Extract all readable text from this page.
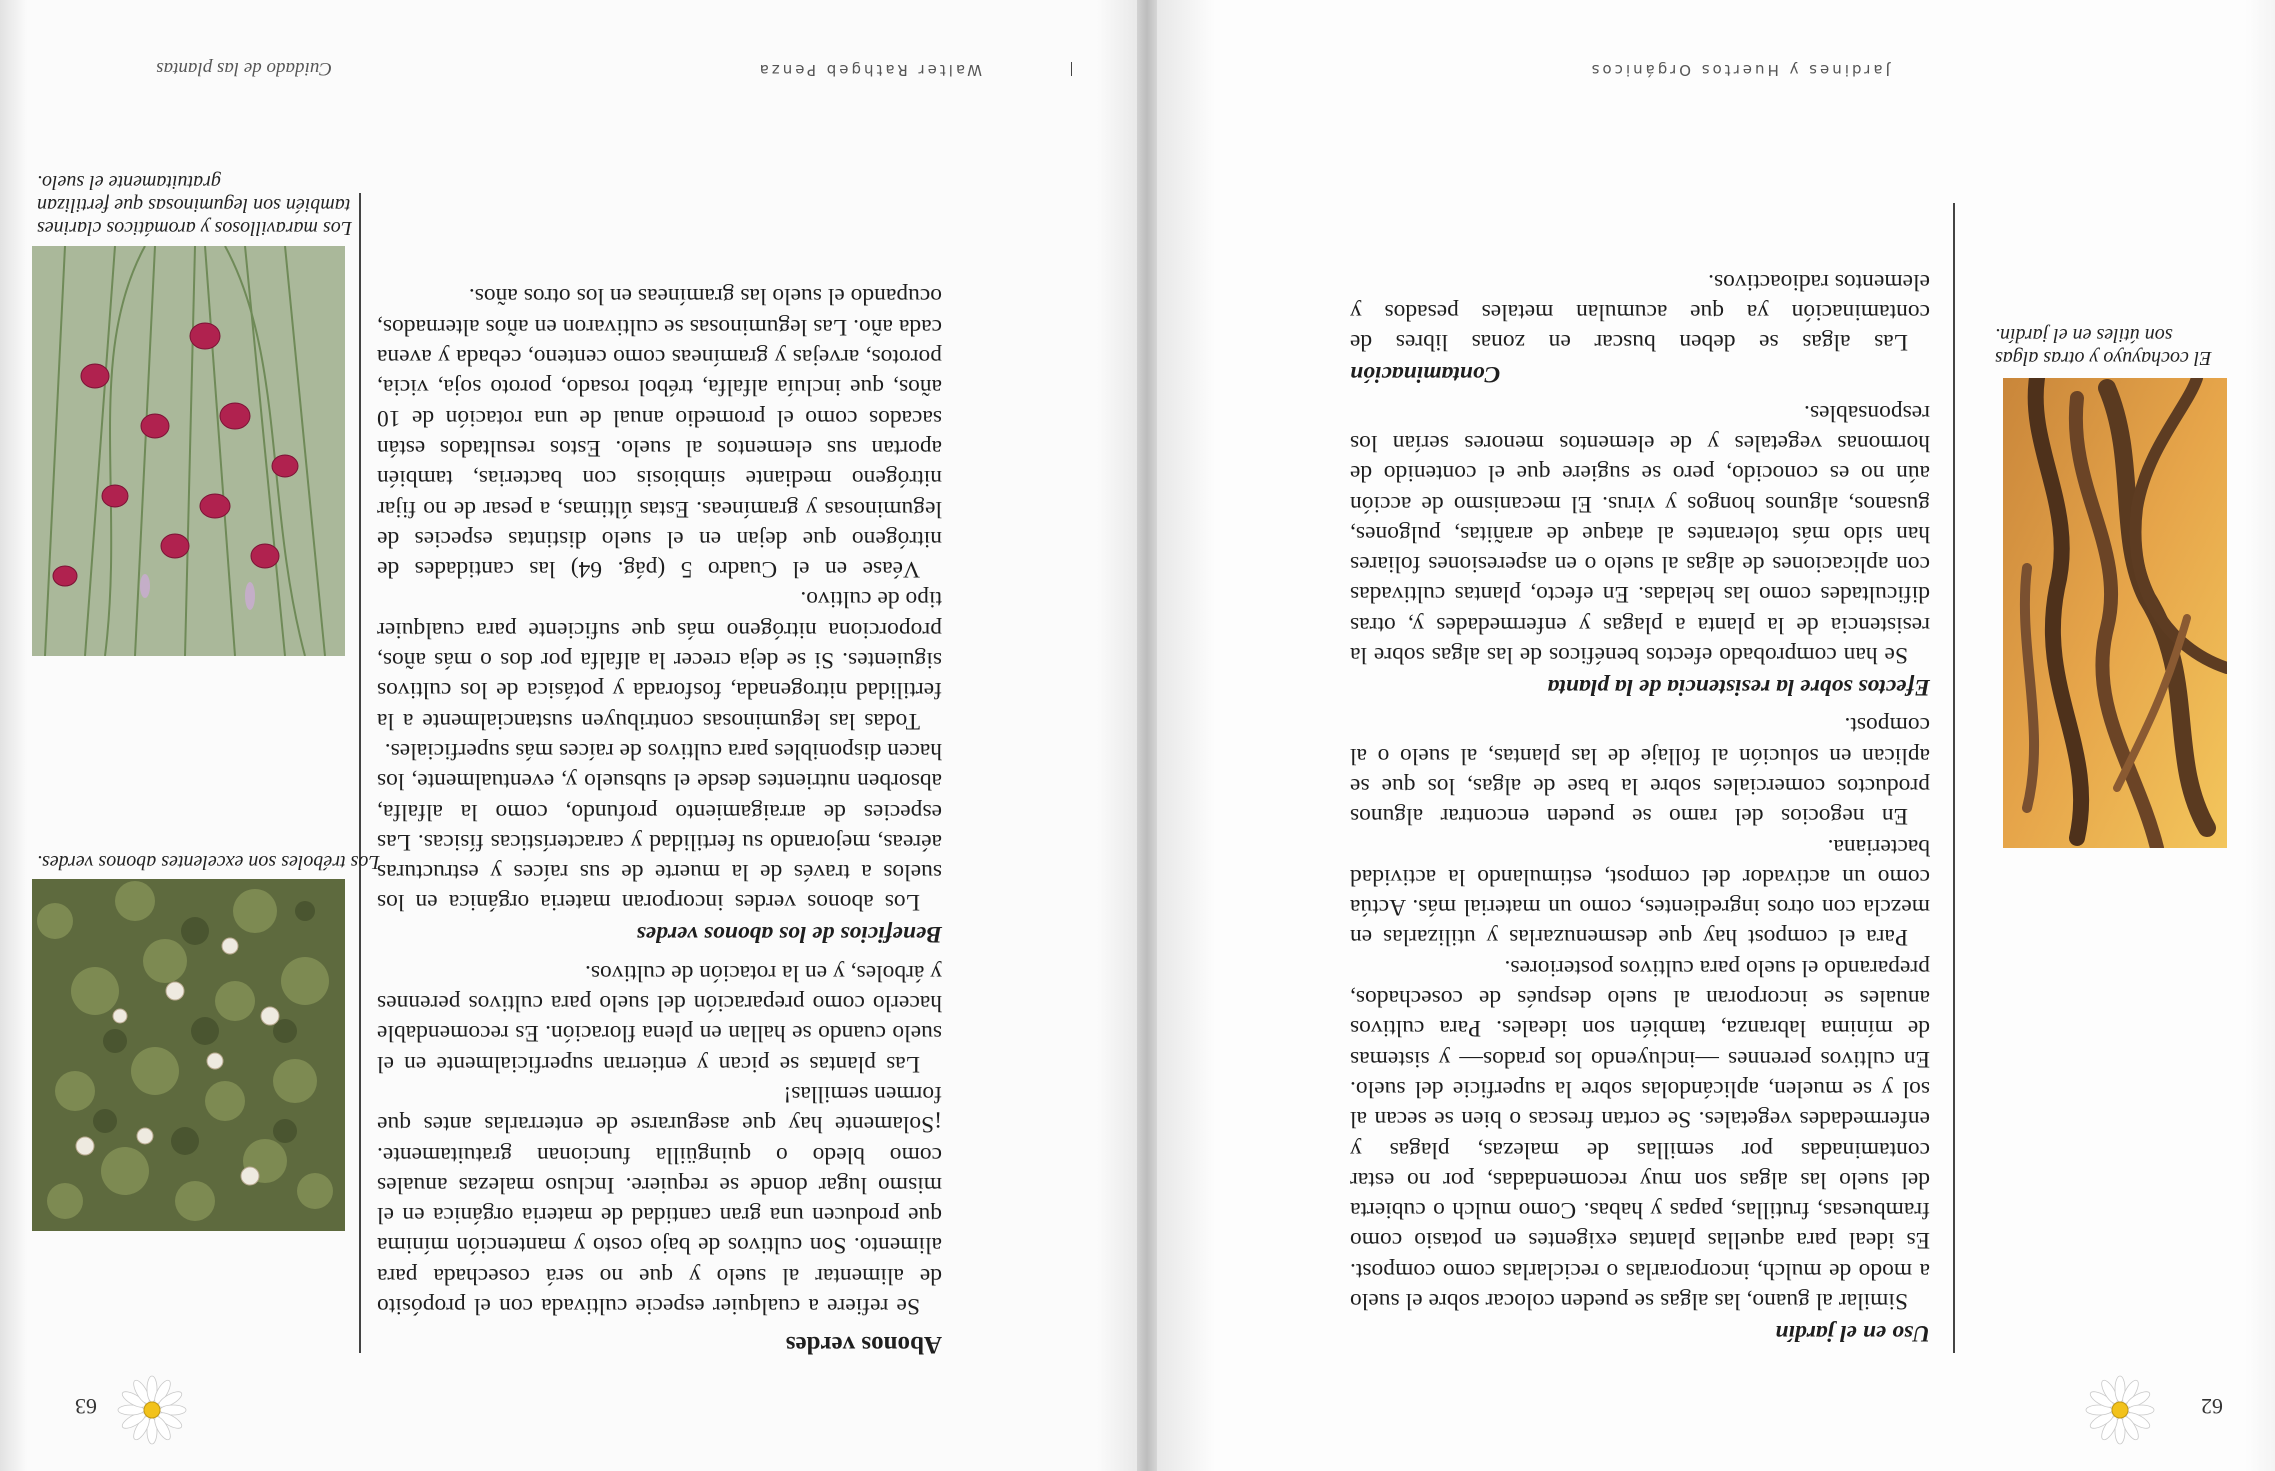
62
El cochayuyo y otras algas
son útiles en el jardín.
Uso en el jardín

Similar al guano, las algas se pueden colocar sobre el suelo a modo de mulch, incorporarlas o reciclarlas como compost. Es ideal para aquellas plantas exigentes en potasio como frambuesas, frutillas, papas y habas. Como mulch o cubierta del suelo las algas son muy recomendadas, por no estar contaminadas por semillas de malezas, plagas y enfermedades vegetales. Se cortan frescas o bien se secan al sol y se muelen, aplicándolas sobre la superficie del suelo. En cultivos perennes —incluyendo los prados— y sistemas de mínima labranza, también son ideales. Para cultivos anuales se incorporan al suelo después de cosechados, preparando el suelo para cultivos posteriores.

Para el compost hay que desmenuzarlas y utilizarlas en mezcla con otros ingredientes, como un material más. Actúa como un activador del compost, estimulando la actividad bacteriana.

En negocios del ramo se pueden encontrar algunos productos comerciales sobre la base de algas, los que se aplican en solución al follaje de las plantas, al suelo o al compost.

Efectos sobre la resistencia de la planta

Se han comprobado efectos benéficos de las algas sobre la resistencia de la planta a plagas y enfermedades y, otras dificultades como las heladas. En efecto, plantas cultivadas con aplicaciones de algas al suelo o en asperesiones foliares han sido más tolerantes al ataque de arañitas, pulgones, gusanos, algunos hongos y virus. El mecanismo de acción aún no es conocido, pero se sugiere que el contenido de hormonas vegetales y de elementos menores serían los responsables.

Contaminación

Las algas se deben buscar en zonas libres de contaminación ya que acumulan metales pesados y elementos radioactivos.

Jardines y Huertos Orgánicos
Abonos verdes

Se refiere a cualquier especie cultivada con el propósito de alimentar al suelo y que no será cosechada para alimento. Son cultivos de bajo costo y mantención mínima que producen una gran cantidad de materia orgánica en el mismo lugar donde se requiere. Incluso malezas anuales como bledo o quingüilla funcionan gratuitamente. ¡Solamente hay que asegurarse de enterrarlas antes que formen semillas!

Las plantas se pican y entierran superficialmente en el suelo cuando se hallan en plena floración. Es recomendable hacerlo como preparación del suelo para cultivos perennes y árboles, y en la rotación de cultivos.

Beneficios de los abonos verdes

Los abonos verdes incorporan materia orgánica en los suelos a través de la muerte de sus raíces y estructuras aéreas, mejorando su fertilidad y características físicas. Las especies de arraigamiento profundo, como la alfalfa, absorben nutrientes desde el subsuelo y, eventualmente, los hacen disponibles para cultivos de raíces más superficiales.

Todas las leguminosas contribuyen sustancialmente a la fertilidad nitrogenada, fosforada y potásica de los cultivos siguientes. Si se deja crecer la alfalfa por dos o más años, proporciona nitrógeno más que suficiente para cualquier tipo de cultivo.

Véase en el Cuadro 5 (pág. 64) las cantidades de nitrógeno que dejan en el suelo distintas especies de leguminosas y gramíneas. Estas últimas, a pesar de no fijar nitrógeno mediante simbiosis con bacterias, también aportan sus elementos al suelo. Estos resultados están sacados como el promedio anual de una rotación de 10 años, que incluía alfalfa, trébol rosado, poroto soja, vicia, porotos, arvejas y gramíneas como centeno, cebada y avena cada año. Las leguminosas se cultivaron en años alternados, ocupando el suelo las gramíneas en los otros años.

Los tréboles son excelentes abonos verdes.
Los maravillosos y aromáticos clarines
también son leguminosas que fertilizan
gratuitamente el suelo.
63
Walter Rathgeb Penza
Cuidado de las plantas
